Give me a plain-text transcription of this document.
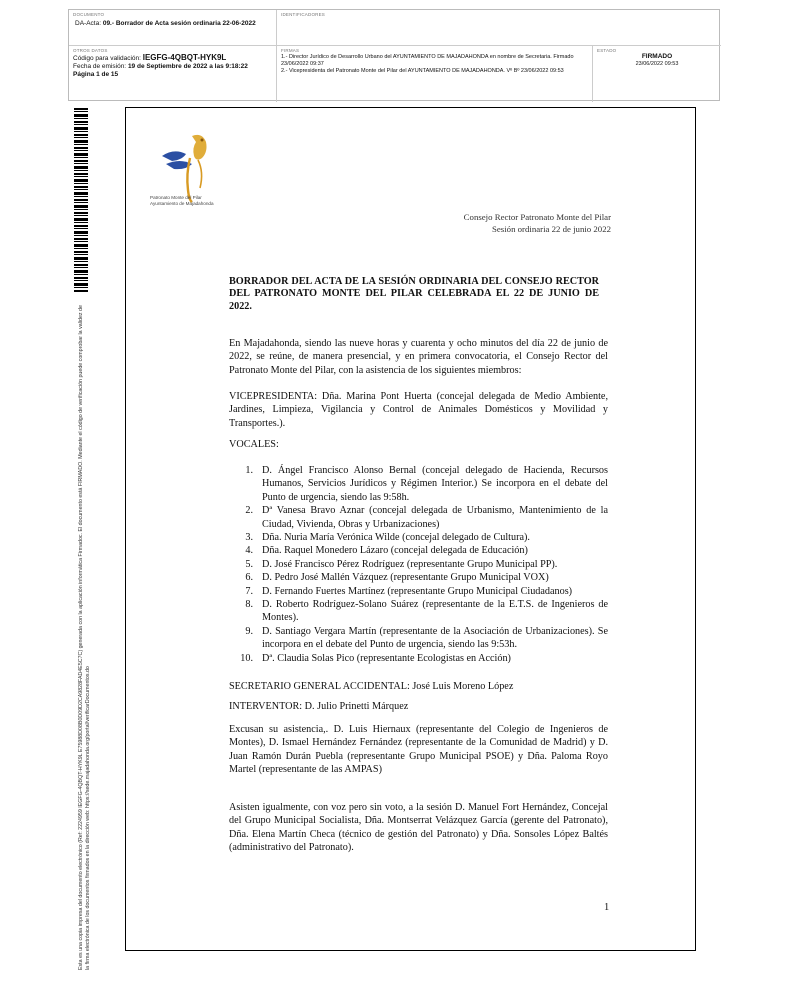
DOCUMENTO
DA-Acta: 09.- Borrador de Acta sesión ordinaria 22-06-2022
IDENTIFICADORES
OTROS DATOS
Código para validación: IEGFG-4QBQT-HYK9L
Fecha de emisión: 19 de Septiembre de 2022 a las 9:18:22
Página 1 de 15
FIRMAS
1.- Director Jurídico de Desarrollo Urbano del AYUNTAMIENTO DE MAJADAHONDA en nombre de Secretaria. Firmado 23/06/2022 09:37
2.- Vicepresidenta del Patronato Monte del Pilar del AYUNTAMIENTO DE MAJADAHONDA. Vº Bº 23/06/2022 09:53
ESTADO
FIRMADO
23/06/2022 09:53
Esta es una copia impresa del documento electrónico (Ref: 2224959 IEGFG-4QBQT-HYK9L E75988D08B0D09D2CA9828FAD4E5C7C) generada con la aplicación informática Firmadoc. El documento está FIRMADO. Mediante el código de verificación puede comprobar la validez de la firma electrónica de los documentos firmados en la dirección web: https://sede.majadahonda.org/portal/verificarDocumentos.do
Patronato Monte del Pilar
Ayuntamiento de Majadahonda
Consejo Rector Patronato Monte del Pilar
Sesión ordinaria 22 de junio 2022
BORRADOR DEL ACTA DE LA SESIÓN ORDINARIA DEL CONSEJO RECTOR DEL PATRONATO MONTE DEL PILAR CELEBRADA EL 22 DE JUNIO DE 2022.
En Majadahonda, siendo las nueve horas y cuarenta y ocho minutos del día 22 de junio de 2022, se reúne, de manera presencial, y en primera convocatoria, el Consejo Rector del Patronato Monte del Pilar, con la asistencia de los siguientes miembros:
VICEPRESIDENTA: Dña. Marina Pont Huerta (concejal delegada de Medio Ambiente, Jardines, Limpieza, Vigilancia y Control de Animales Domésticos y Movilidad y Transportes.).
VOCALES:
1. D. Ángel Francisco Alonso Bernal (concejal delegado de Hacienda, Recursos Humanos, Servicios Jurídicos y Régimen Interior.) Se incorpora en el debate del Punto de urgencia, siendo las 9:58h.
2. Dª Vanesa Bravo Aznar (concejal delegada de Urbanismo, Mantenimiento de la Ciudad, Vivienda, Obras y Urbanizaciones)
3. Dña. Nuria María Verónica Wilde (concejal delegado de Cultura).
4. Dña. Raquel Monedero Lázaro (concejal delegada de Educación)
5. D. José Francisco Pérez Rodríguez (representante Grupo Municipal PP).
6. D. Pedro José Mallén Vázquez (representante Grupo Municipal VOX)
7. D. Fernando Fuertes Martínez (representante Grupo Municipal Ciudadanos)
8. D. Roberto Rodríguez-Solano Suárez (representante de la E.T.S. de Ingenieros de Montes).
9. D. Santiago Vergara Martín (representante de la Asociación de Urbanizaciones). Se incorpora en el debate del Punto de urgencia, siendo las 9:53h.
10. Dª. Claudia Solas Pico (representante Ecologistas en Acción)
SECRETARIO GENERAL ACCIDENTAL: José Luis Moreno López
INTERVENTOR: D. Julio Prinetti Márquez
Excusan su asistencia,. D. Luis Hiernaux (representante del Colegio de Ingenieros de Montes), D. Ismael Hernández Fernández (representante de la Comunidad de Madrid) y D. Juan Ramón Durán Puebla (representante Grupo Municipal PSOE) y Dña. Paloma Royo Martel (representante de las AMPAS)
Asisten igualmente, con voz pero sin voto, a la sesión D. Manuel Fort Hernández, Concejal del Grupo Municipal Socialista, Dña. Montserrat Velázquez García (gerente del Patronato), Dña. Elena Martín Checa (técnico de gestión del Patronato) y Dña. Sonsoles López Baltés (administrativo del Patronato).
1
